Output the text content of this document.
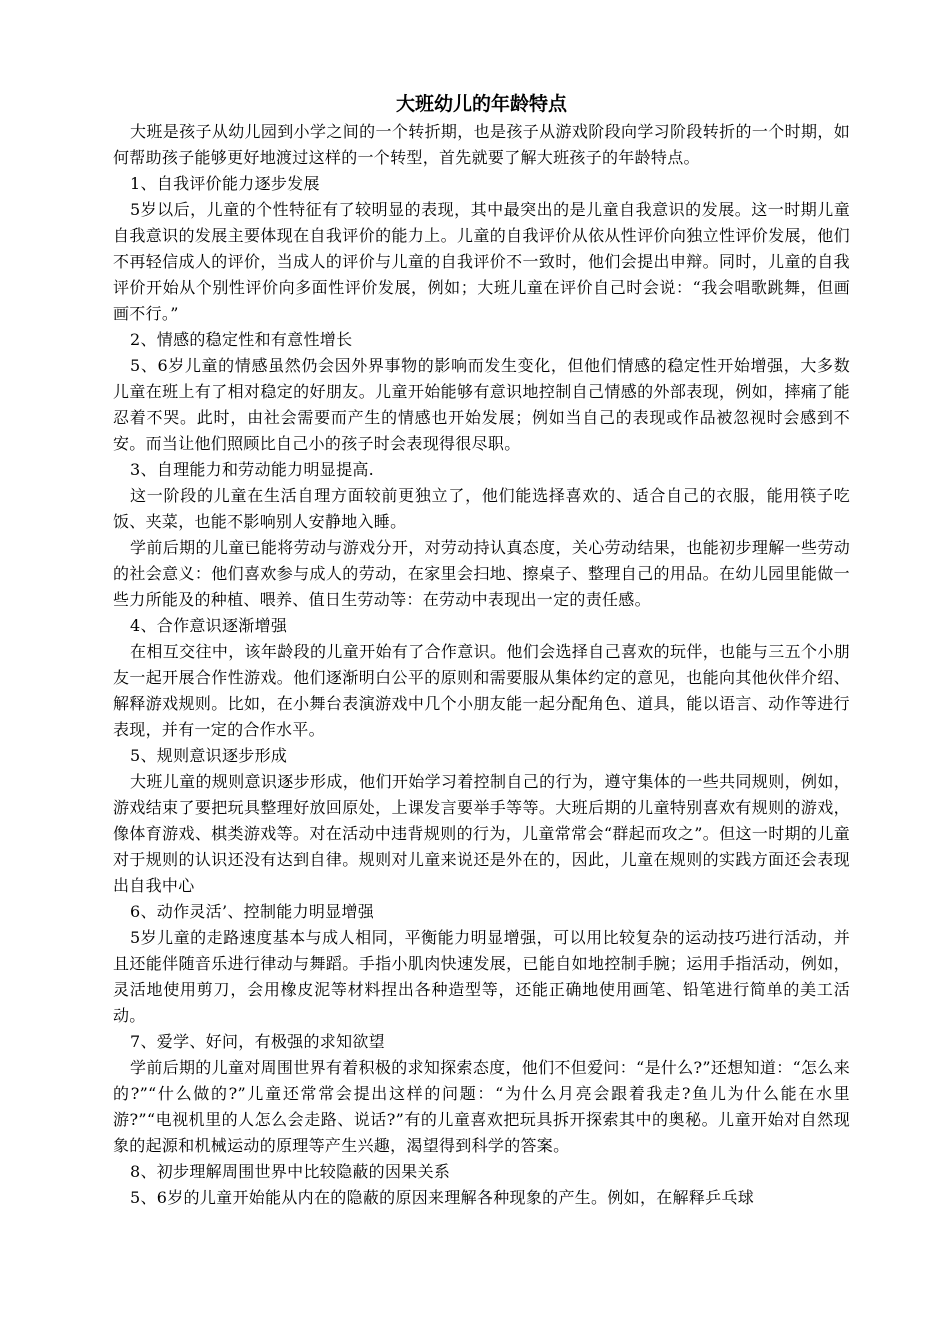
大班幼儿的年龄特点

大班是孩子从幼儿园到小学之间的一个转折期，也是孩子从游戏阶段向学习阶段转折的一个时期，如何帮助孩子能够更好地渡过这样的一个转型，首先就要了解大班孩子的年龄特点。

1、自我评价能力逐步发展

5岁以后，儿童的个性特征有了较明显的表现，其中最突出的是儿童自我意识的发展。这一时期儿童自我意识的发展主要体现在自我评价的能力上。儿童的自我评价从依从性评价向独立性评价发展，他们不再轻信成人的评价，当成人的评价与儿童的自我评价不一致时，他们会提出申辩。同时，儿童的自我评价开始从个别性评价向多面性评价发展，例如；大班儿童在评价自己时会说：“我会唱歌跳舞，但画画不行。”

2、情感的稳定性和有意性增长

5、6岁儿童的情感虽然仍会因外界事物的影响而发生变化，但他们情感的稳定性开始增强，大多数儿童在班上有了相对稳定的好朋友。儿童开始能够有意识地控制自己情感的外部表现，例如，摔痛了能忍着不哭。此时，由社会需要而产生的情感也开始发展；例如当自己的表现或作品被忽视时会感到不安。而当让他们照顾比自己小的孩子时会表现得很尽职。

3、自理能力和劳动能力明显提高.

这一阶段的儿童在生活自理方面较前更独立了，他们能选择喜欢的、适合自己的衣服，能用筷子吃饭、夹菜，也能不影响别人安静地入睡。

学前后期的儿童已能将劳动与游戏分开，对劳动持认真态度，关心劳动结果，也能初步理解一些劳动的社会意义：他们喜欢参与成人的劳动，在家里会扫地、擦桌子、整理自己的用品。在幼儿园里能做一些力所能及的种植、喂养、值日生劳动等：在劳动中表现出一定的责任感。

4、合作意识逐渐增强

在相互交往中，该年龄段的儿童开始有了合作意识。他们会选择自己喜欢的玩伴，也能与三五个小朋友一起开展合作性游戏。他们逐渐明白公平的原则和需要服从集体约定的意见，也能向其他伙伴介绍、解释游戏规则。比如，在小舞台表演游戏中几个小朋友能一起分配角色、道具，能以语言、动作等进行表现，并有一定的合作水平。

5、规则意识逐步形成

大班儿童的规则意识逐步形成，他们开始学习着控制自己的行为，遵守集体的一些共同规则，例如，游戏结束了要把玩具整理好放回原处，上课发言要举手等等。大班后期的儿童特别喜欢有规则的游戏，像体育游戏、棋类游戏等。对在活动中违背规则的行为，儿童常常会“群起而攻之”。但这一时期的儿童对于规则的认识还没有达到自律。规则对儿童来说还是外在的，因此，儿童在规则的实践方面还会表现出自我中心

6、动作灵活’、控制能力明显增强

5岁儿童的走路速度基本与成人相同，平衡能力明显增强，可以用比较复杂的运动技巧进行活动，并且还能伴随音乐进行律动与舞蹈。手指小肌肉快速发展，已能自如地控制手腕；运用手指活动，例如，灵活地使用剪刀，会用橡皮泥等材料捏出各种造型等，还能正确地使用画笔、铅笔进行简单的美工活动。

7、爱学、好问，有极强的求知欲望

学前后期的儿童对周围世界有着积极的求知探索态度，他们不但爱问：“是什么?”还想知道：“怎么来的?”“什么做的?”儿童还常常会提出这样的问题：“为什么月亮会跟着我走?鱼儿为什么能在水里游?”“电视机里的人怎么会走路、说话?”有的儿童喜欢把玩具拆开探索其中的奥秘。儿童开始对自然现象的起源和机械运动的原理等产生兴趣，渴望得到科学的答案。

8、初步理解周围世界中比较隐蔽的因果关系

5、6岁的儿童开始能从内在的隐蔽的原因来理解各种现象的产生。例如，在解释乒乓球
